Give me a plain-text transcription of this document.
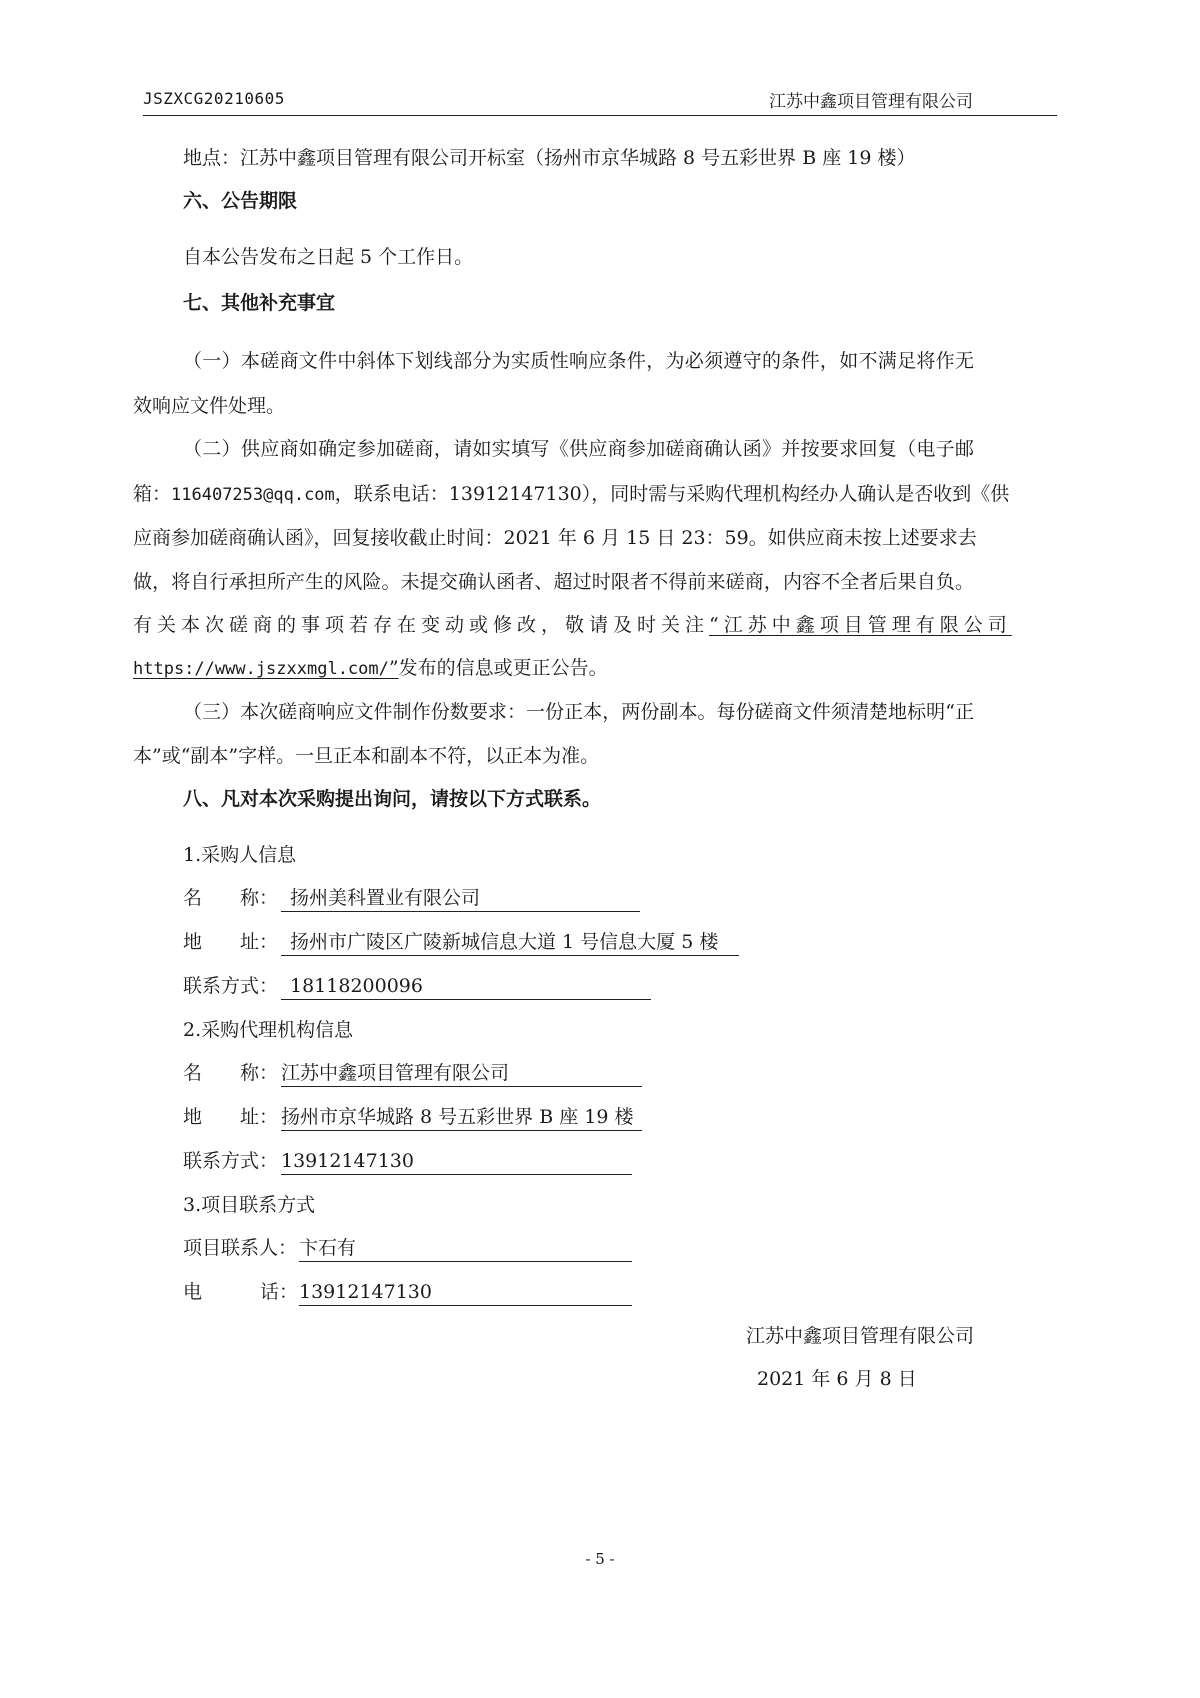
JSZXCG20210605	江苏中鑫项目管理有限公司
地点：江苏中鑫项目管理有限公司开标室（扬州市京华城路 8 号五彩世界 B 座 19 楼）
六、公告期限
自本公告发布之日起 5 个工作日。
七、其他补充事宜
（一）本磋商文件中斜体下划线部分为实质性响应条件，为必须遵守的条件，如不满足将作无
效响应文件处理。
（二）供应商如确定参加磋商，请如实填写《供应商参加磋商确认函》并按要求回复（电子邮
箱：116407253@qq.com，联系电话：13912147130），同时需与采购代理机构经办人确认是否收到《供
应商参加磋商确认函》，回复接收截止时间：2021 年 6 月 15 日 23：59。如供应商未按上述要求去
做，将自行承担所产生的风险。未提交确认函者、超过时限者不得前来磋商，内容不全者后果自负。
有关本次磋商的事项若存在变动或修改，敬请及时关注 “江苏中鑫项目管理有限公司
https://www.jszxxmgl.com/”发布的信息或更正公告。
（三）本次磋商响应文件制作份数要求：一份正本，两份副本。每份磋商文件须清楚地标明“正
本”或“副本”字样。一旦正本和副本不符，以正本为准。
八、凡对本次采购提出询问，请按以下方式联系。
1.采购人信息
名 称： 扬州美科置业有限公司
地 址： 扬州市广陵区广陵新城信息大道 1 号信息大厦 5 楼
联系方式： 18118200096
2.采购代理机构信息
名 称： 江苏中鑫项目管理有限公司
地 址： 扬州市京华城路 8 号五彩世界 B 座 19 楼
联系方式： 13912147130
3.项目联系方式
项目联系人： 卞石有
电	话： 13912147130
江苏中鑫项目管理有限公司
2021 年 6 月 8 日
- 5 -
